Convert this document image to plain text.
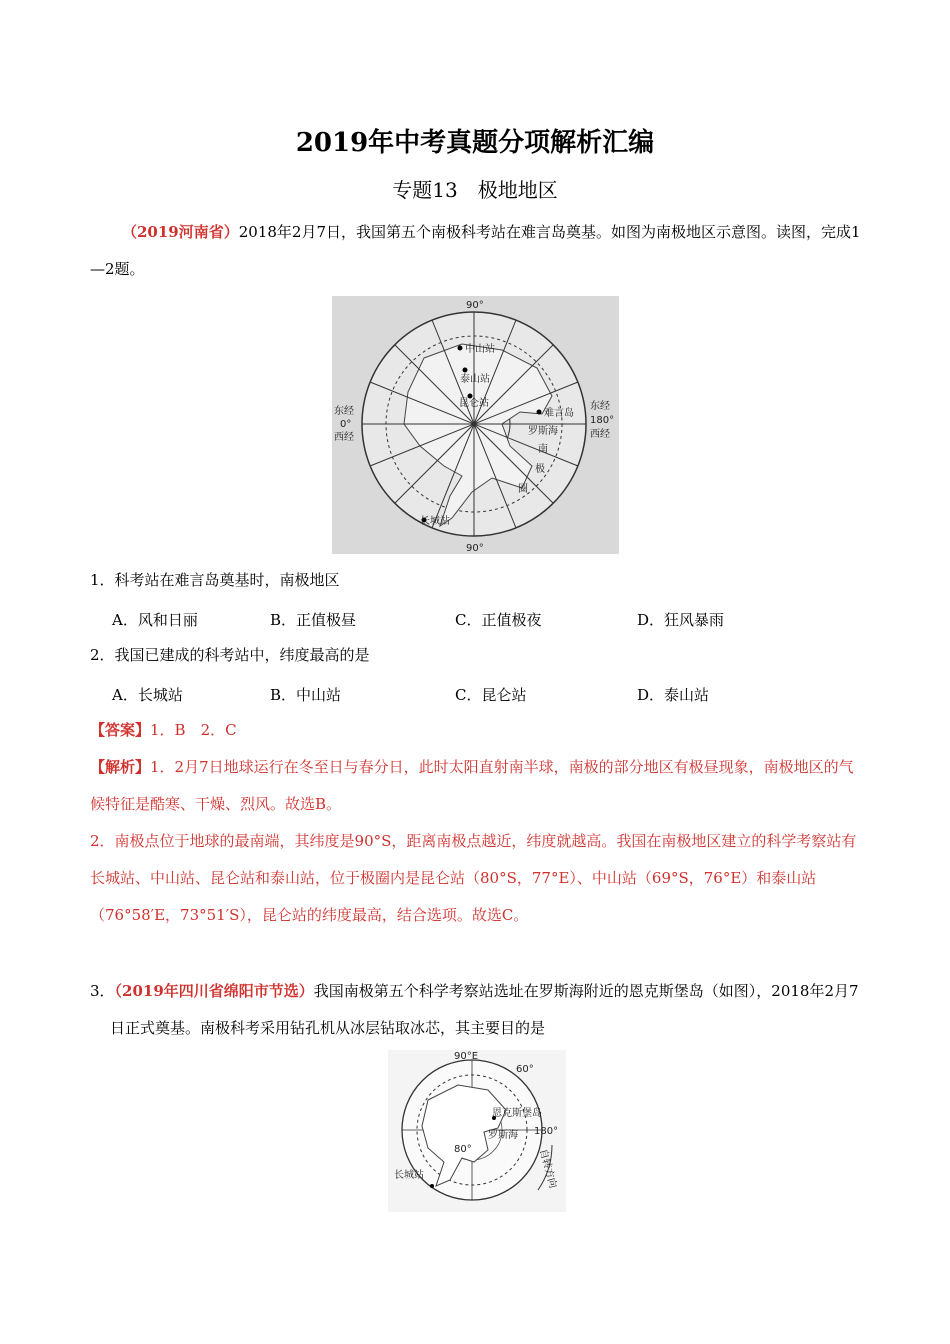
2019年中考真题分项解析汇编
专题13　极地地区
（2019河南省）2018年2月7日，我国第五个南极科考站在难言岛奠基。如图为南极地区示意图。读图，完成1—2题。
90°
90°
东经
0°
西经
东经
180°
西经
中山站
泰山站
昆仑站
难言岛
罗斯海
南
极
圈
长城站
1．科考站在难言岛奠基时，南极地区
A．风和日丽	B．正值极昼	C．正值极夜	D．狂风暴雨
2．我国已建成的科考站中，纬度最高的是
A．长城站	B．中山站	C．昆仑站	D．泰山站
【答案】1．B　2．C
【解析】1．2月7日地球运行在冬至日与春分日，此时太阳直射南半球，南极的部分地区有极昼现象，南极地区的气候特征是酷寒、干燥、烈风。故选B。
2．南极点位于地球的最南端，其纬度是90°S，距离南极点越近，纬度就越高。我国在南极地区建立的科学考察站有长城站、中山站、昆仑站和泰山站，位于极圈内是昆仑站（80°S，77°E）、中山站（69°S，76°E）和泰山站（76°58′E，73°51′S），昆仑站的纬度最高，结合选项。故选C。
3．（2019年四川省绵阳市节选）我国南极第五个科学考察站选址在罗斯海附近的恩克斯堡岛（如图），2018年2月7日正式奠基。南极科考采用钻孔机从冰层钻取冰芯，其主要目的是
90°E
60°
恩克斯堡岛
180°
罗斯海
80°
长城站	自转方向
